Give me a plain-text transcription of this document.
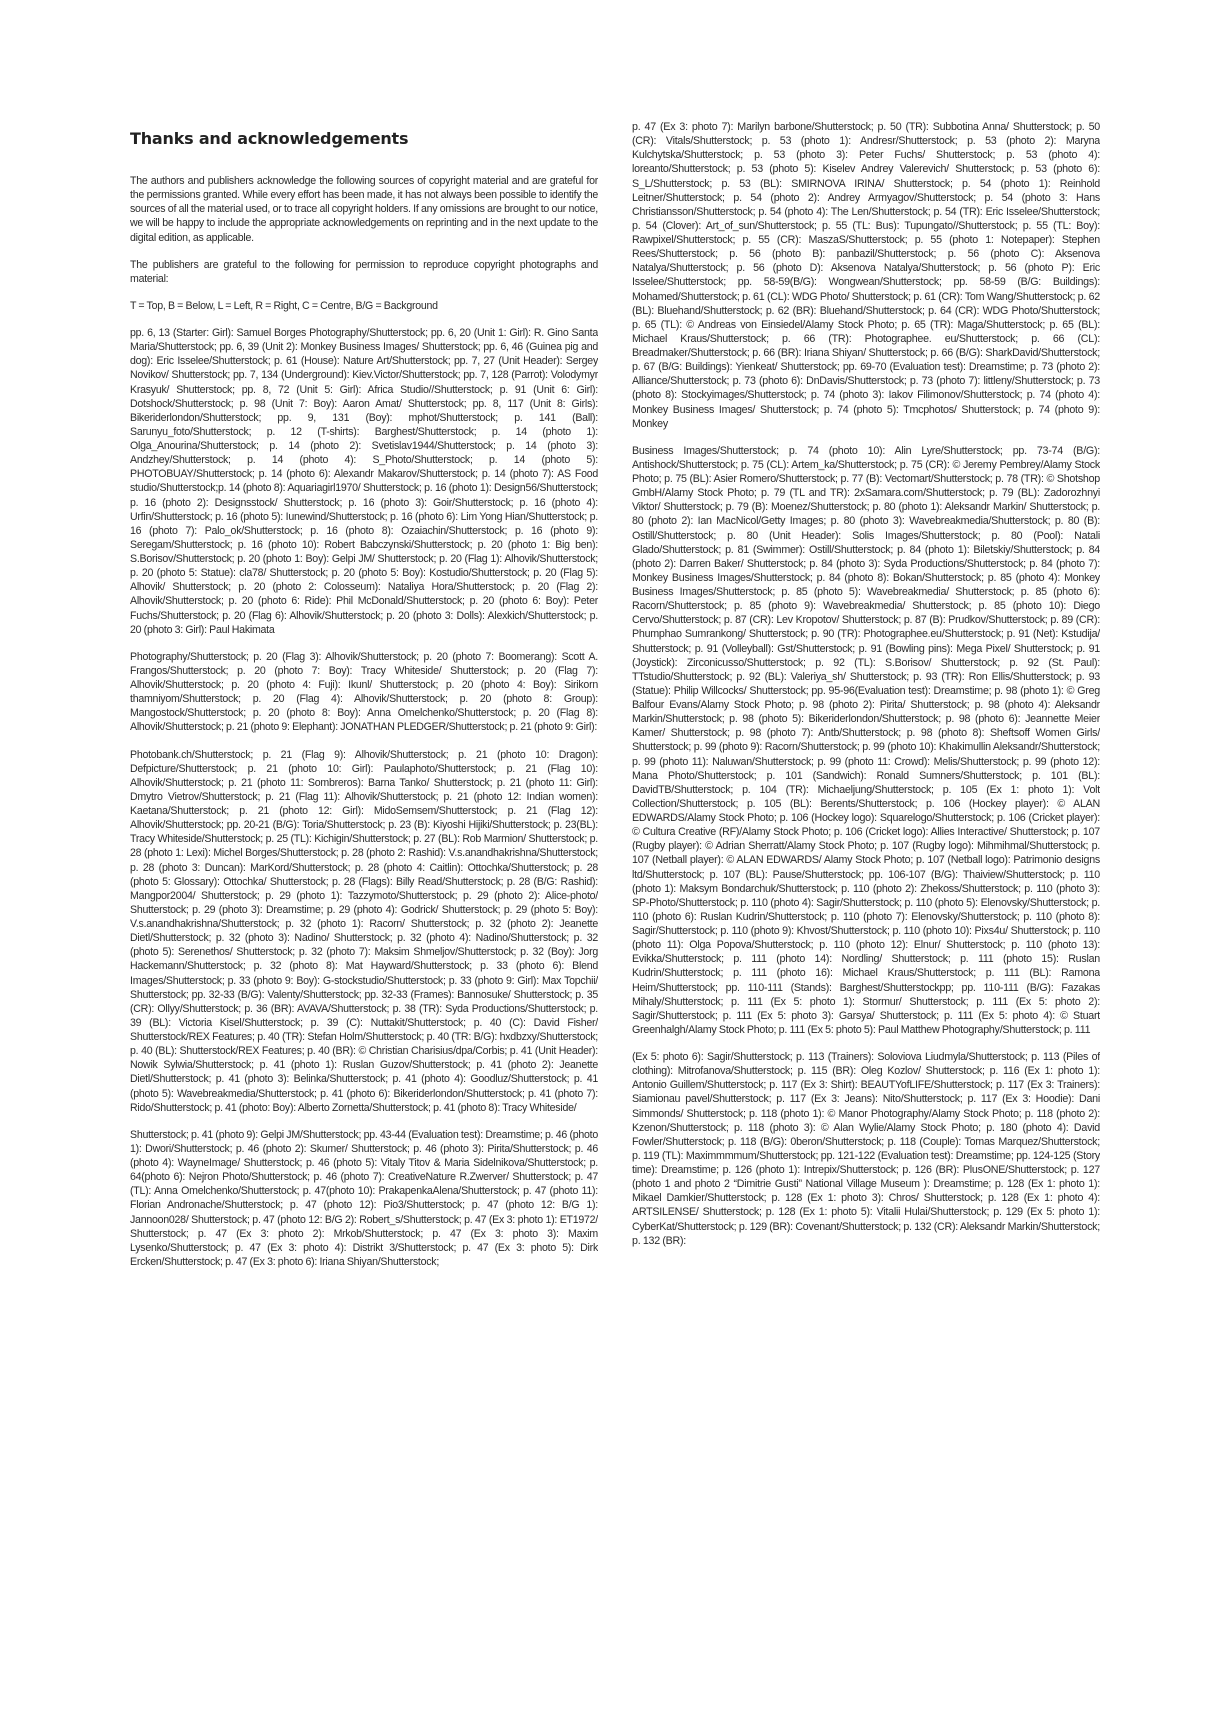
Thanks and acknowledgements

The authors and publishers acknowledge the following sources of copyright material and are grateful for the permissions granted. While every effort has been made, it has not always been possible to identify the sources of all the material used, or to trace all copyright holders. If any omissions are brought to our notice, we will be happy to include the appropriate acknowledgements on reprinting and in the next update to the digital edition, as applicable.

The publishers are grateful to the following for permission to reproduce copyright photographs and material:

T = Top, B = Below, L = Left, R = Right, C = Centre, B/G = Background

pp. 6, 13 (Starter: Girl): Samuel Borges Photography/Shutterstock; pp. 6, 20 (Unit 1: Girl): R. Gino Santa Maria/Shutterstock; pp. 6, 39 (Unit 2): Monkey Business Images/ Shutterstock; pp. 6, 46 (Guinea pig and dog): Eric Isselee/Shutterstock; p. 61 (House): Nature Art/Shutterstock; pp. 7, 27 (Unit Header): Sergey Novikov/ Shutterstock; pp. 7, 134 (Underground): Kiev.Victor/Shutterstock; pp. 7, 128 (Parrot): Volodymyr Krasyuk/ Shutterstock; pp. 8, 72 (Unit 5: Girl): Africa Studio//Shutterstock; p. 91 (Unit 6: Girl): Dotshock/Shutterstock; p. 98 (Unit 7: Boy): Aaron Amat/ Shutterstock; pp. 8, 117 (Unit 8: Girls): Bikeriderlondon/Shutterstock; pp. 9, 131 (Boy): mphot/Shutterstock; p. 141 (Ball): Sarunyu_foto/Shutterstock; p. 12 (T-shirts): Barghest/Shutterstock; p. 14 (photo 1): Olga_Anourina/Shutterstock; p. 14 (photo 2): Svetislav1944/Shutterstock; p. 14 (photo 3): Andzhey/Shutterstock; p. 14 (photo 4): S_Photo/Shutterstock; p. 14 (photo 5): PHOTOBUAY/Shutterstock; p. 14 (photo 6): Alexandr Makarov/Shutterstock; p. 14 (photo 7): AS Food studio/Shutterstock;p. 14 (photo 8): Aquariagirl1970/ Shutterstock; p. 16 (photo 1): Design56/Shutterstock; p. 16 (photo 2): Designsstock/ Shutterstock; p. 16 (photo 3): Goir/Shutterstock; p. 16 (photo 4): Urfin/Shutterstock; p. 16 (photo 5): Iunewind/Shutterstock; p. 16 (photo 6): Lim Yong Hian/Shutterstock; p. 16 (photo 7): Palo_ok/Shutterstock; p. 16 (photo 8): Ozaiachin/Shutterstock; p. 16 (photo 9): Seregam/Shutterstock; p. 16 (photo 10): Robert Babczynski/Shutterstock; p. 20 (photo 1: Big ben): S.Borisov/Shutterstock; p. 20 (photo 1: Boy): Gelpi JM/ Shutterstock; p. 20 (Flag 1): Alhovik/Shutterstock; p. 20 (photo 5: Statue): cla78/ Shutterstock; p. 20 (photo 5: Boy): Kostudio/Shutterstock; p. 20 (Flag 5): Alhovik/ Shutterstock; p. 20 (photo 2: Colosseum): Nataliya Hora/Shutterstock; p. 20 (Flag 2): Alhovik/Shutterstock; p. 20 (photo 6: Ride): Phil McDonald/Shutterstock; p. 20 (photo 6: Boy): Peter Fuchs/Shutterstock; p. 20 (Flag 6): Alhovik/Shutterstock; p. 20 (photo 3: Dolls): Alexkich/Shutterstock; p. 20 (photo 3: Girl): Paul Hakimata

Photography/Shutterstock; p. 20 (Flag 3): Alhovik/Shutterstock; p. 20 (photo 7: Boomerang): Scott A. Frangos/Shutterstock; p. 20 (photo 7: Boy): Tracy Whiteside/ Shutterstock; p. 20 (Flag 7): Alhovik/Shutterstock; p. 20 (photo 4: Fuji): Ikunl/ Shutterstock; p. 20 (photo 4: Boy): Sirikorn thamniyom/Shutterstock; p. 20 (Flag 4): Alhovik/Shutterstock; p. 20 (photo 8: Group): Mangostock/Shutterstock; p. 20 (photo 8: Boy): Anna Omelchenko/Shutterstock; p. 20 (Flag 8): Alhovik/Shutterstock; p. 21 (photo 9: Elephant): JONATHAN PLEDGER/Shutterstock; p. 21 (photo 9: Girl):

Photobank.ch/Shutterstock; p. 21 (Flag 9): Alhovik/Shutterstock; p. 21 (photo 10: Dragon): Defpicture/Shutterstock; p. 21 (photo 10: Girl): Paulaphoto/Shutterstock; p. 21 (Flag 10): Alhovik/Shutterstock; p. 21 (photo 11: Sombreros): Barna Tanko/ Shutterstock; p. 21 (photo 11: Girl): Dmytro Vietrov/Shutterstock; p. 21 (Flag 11): Alhovik/Shutterstock; p. 21 (photo 12: Indian women): Kaetana/Shutterstock; p. 21 (photo 12: Girl): MidoSemsem/Shutterstock; p. 21 (Flag 12): Alhovik/Shutterstock; pp. 20-21 (B/G): Toria/Shutterstock; p. 23 (B): Kiyoshi Hijiki/Shutterstock; p. 23(BL): Tracy Whiteside/Shutterstock; p. 25 (TL): Kichigin/Shutterstock; p. 27 (BL): Rob Marmion/ Shutterstock; p. 28 (photo 1: Lexi): Michel Borges/Shutterstock; p. 28 (photo 2: Rashid): V.s.anandhakrishna/Shutterstock; p. 28 (photo 3: Duncan): MarKord/Shutterstock; p. 28 (photo 4: Caitlin): Ottochka/Shutterstock; p. 28 (photo 5: Glossary): Ottochka/ Shutterstock; p. 28 (Flags): Billy Read/Shutterstock; p. 28 (B/G: Rashid): Mangpor2004/ Shutterstock; p. 29 (photo 1): Tazzymoto/Shutterstock; p. 29 (photo 2): Alice-photo/ Shutterstock; p. 29 (photo 3): Dreamstime; p. 29 (photo 4): Godrick/ Shutterstock; p. 29 (photo 5: Boy): V.s.anandhakrishna/Shutterstock; p. 32 (photo 1): Racorn/ Shutterstock; p. 32 (photo 2): Jeanette Dietl/Shutterstock; p. 32 (photo 3): Nadino/ Shutterstock; p. 32 (photo 4): Nadino/Shutterstock; p. 32 (photo 5): Serenethos/ Shutterstock; p. 32 (photo 7): Maksim Shmeljov/Shutterstock; p. 32 (Boy): Jorg Hackemann/Shutterstock; p. 32 (photo 8): Mat Hayward/Shutterstock; p. 33 (photo 6): Blend Images/Shutterstock; p. 33 (photo 9: Boy): G-stockstudio/Shutterstock; p. 33 (photo 9: Girl): Max Topchii/ Shutterstock; pp. 32-33 (B/G): Valenty/Shutterstock; pp. 32-33 (Frames): Bannosuke/ Shutterstock; p. 35 (CR): Ollyy/Shutterstock; p. 36 (BR): AVAVA/Shutterstock; p. 38 (TR): Syda Productions/Shutterstock; p. 39 (BL): Victoria Kisel/Shutterstock; p. 39 (C): Nuttakit/Shutterstock; p. 40 (C): David Fisher/ Shutterstock/REX Features; p. 40 (TR): Stefan Holm/Shutterstock; p. 40 (TR: B/G): hxdbzxy/Shutterstock; p. 40 (BL): Shutterstock/REX Features; p. 40 (BR): © Christian Charisius/dpa/Corbis; p. 41 (Unit Header): Nowik Sylwia/Shutterstock; p. 41 (photo 1): Ruslan Guzov/Shutterstock; p. 41 (photo 2): Jeanette Dietl/Shutterstock; p. 41 (photo 3): Belinka/Shutterstock; p. 41 (photo 4): Goodluz/Shutterstock; p. 41 (photo 5): Wavebreakmedia/Shutterstock; p. 41 (photo 6): Bikeriderlondon/Shutterstock; p. 41 (photo 7): Rido/Shutterstock; p. 41 (photo: Boy): Alberto Zornetta/Shutterstock; p. 41 (photo 8): Tracy Whiteside/

Shutterstock; p. 41 (photo 9): Gelpi JM/Shutterstock; pp. 43-44 (Evaluation test): Dreamstime; p. 46 (photo 1): Dwori/Shutterstock; p. 46 (photo 2): Skumer/ Shutterstock; p. 46 (photo 3): Pirita/Shutterstock; p. 46 (photo 4): WayneImage/ Shutterstock; p. 46 (photo 5): Vitaly Titov & Maria Sidelnikova/Shutterstock; p. 64(photo 6): Nejron Photo/Shutterstock; p. 46 (photo 7): CreativeNature R.Zwerver/ Shutterstock; p. 47 (TL): Anna Omelchenko/Shutterstock; p. 47(photo 10): PrakapenkaAlena/Shutterstock; p. 47 (photo 11): Florian Andronache/Shutterstock; p. 47 (photo 12): Pio3/Shutterstock; p. 47 (photo 12: B/G 1): Jannoon028/ Shutterstock; p. 47 (photo 12: B/G 2): Robert_s/Shutterstock; p. 47 (Ex 3: photo 1): ET1972/ Shutterstock; p. 47 (Ex 3: photo 2): Mrkob/Shutterstock; p. 47 (Ex 3: photo 3): Maxim Lysenko/Shutterstock; p. 47 (Ex 3: photo 4): Distrikt 3/Shutterstock; p. 47 (Ex 3: photo 5): Dirk Ercken/Shutterstock; p. 47 (Ex 3: photo 6): Iriana Shiyan/Shutterstock;

p. 47 (Ex 3: photo 7): Marilyn barbone/Shutterstock; p. 50 (TR): Subbotina Anna/ Shutterstock; p. 50 (CR): Vitals/Shutterstock; p. 53 (photo 1): Andresr/Shutterstock; p. 53 (photo 2): Maryna Kulchytska/Shutterstock; p. 53 (photo 3): Peter Fuchs/ Shutterstock; p. 53 (photo 4): loreanto/Shutterstock; p. 53 (photo 5): Kiselev Andrey Valerevich/ Shutterstock; p. 53 (photo 6): S_L/Shutterstock; p. 53 (BL): SMIRNOVA IRINA/ Shutterstock; p. 54 (photo 1): Reinhold Leitner/Shutterstock; p. 54 (photo 2): Andrey Armyagov/Shutterstock; p. 54 (photo 3: Hans Christiansson/Shutterstock; p. 54 (photo 4): The Len/Shutterstock; p. 54 (TR): Eric Isselee/Shutterstock; p. 54 (Clover): Art_of_sun/Shutterstock; p. 55 (TL: Bus): Tupungato//Shutterstock; p. 55 (TL: Boy): Rawpixel/Shutterstock; p. 55 (CR): MaszaS/Shutterstock; p. 55 (photo 1: Notepaper): Stephen Rees/Shutterstock; p. 56 (photo B): panbazil/Shutterstock; p. 56 (photo C): Aksenova Natalya/Shutterstock; p. 56 (photo D): Aksenova Natalya/Shutterstock; p. 56 (photo P): Eric Isselee/Shutterstock; pp. 58-59(B/G): Wongwean/Shutterstock; pp. 58-59 (B/G: Buildings): Mohamed/Shutterstock; p. 61 (CL): WDG Photo/ Shutterstock; p. 61 (CR): Tom Wang/Shutterstock; p. 62 (BL): Bluehand/Shutterstock; p. 62 (BR): Bluehand/Shutterstock; p. 64 (CR): WDG Photo/Shutterstock; p. 65 (TL): © Andreas von Einsiedel/Alamy Stock Photo; p. 65 (TR): Maga/Shutterstock; p. 65 (BL): Michael Kraus/Shutterstock; p. 66 (TR): Photographee. eu/Shutterstock; p. 66 (CL): Breadmaker/Shutterstock; p. 66 (BR): Iriana Shiyan/ Shutterstock; p. 66 (B/G): SharkDavid/Shutterstock; p. 67 (B/G: Buildings): Yienkeat/ Shutterstock; pp. 69-70 (Evaluation test): Dreamstime; p. 73 (photo 2): Alliance/Shutterstock; p. 73 (photo 6): DnDavis/Shutterstock; p. 73 (photo 7): littleny/Shutterstock; p. 73 (photo 8): Stockyimages/Shutterstock; p. 74 (photo 3): Iakov Filimonov/Shutterstock; p. 74 (photo 4): Monkey Business Images/ Shutterstock; p. 74 (photo 5): Tmcphotos/ Shutterstock; p. 74 (photo 9): Monkey

Business Images/Shutterstock; p. 74 (photo 10): Alin Lyre/Shutterstock; pp. 73-74 (B/G): Antishock/Shutterstock; p. 75 (CL): Artem_ka/Shutterstock; p. 75 (CR): © Jeremy Pembrey/Alamy Stock Photo; p. 75 (BL): Asier Romero/Shutterstock; p. 77 (B): Vectomart/Shutterstock; p. 78 (TR): © Shotshop GmbH/Alamy Stock Photo; p. 79 (TL and TR): 2xSamara.com/Shutterstock; p. 79 (BL): Zadorozhnyi Viktor/ Shutterstock; p. 79 (B): Moenez/Shutterstock; p. 80 (photo 1): Aleksandr Markin/ Shutterstock; p. 80 (photo 2): Ian MacNicol/Getty Images; p. 80 (photo 3): Wavebreakmedia/Shutterstock; p. 80 (B): Ostill/Shutterstock; p. 80 (Unit Header): Solis Images/Shutterstock; p. 80 (Pool): Natali Glado/Shutterstock; p. 81 (Swimmer): Ostill/Shutterstock; p. 84 (photo 1): Biletskiy/Shutterstock; p. 84 (photo 2): Darren Baker/ Shutterstock; p. 84 (photo 3): Syda Productions/Shutterstock; p. 84 (photo 7): Monkey Business Images/Shutterstock; p. 84 (photo 8): Bokan/Shutterstock; p. 85 (photo 4): Monkey Business Images/Shutterstock; p. 85 (photo 5): Wavebreakmedia/ Shutterstock; p. 85 (photo 6): Racorn/Shutterstock; p. 85 (photo 9): Wavebreakmedia/ Shutterstock; p. 85 (photo 10): Diego Cervo/Shutterstock; p. 87 (CR): Lev Kropotov/ Shutterstock; p. 87 (B): Prudkov/Shutterstock; p. 89 (CR): Phumphao Sumrankong/ Shutterstock; p. 90 (TR): Photographee.eu/Shutterstock; p. 91 (Net): Kstudija/ Shutterstock; p. 91 (Volleyball): Gst/Shutterstock; p. 91 (Bowling pins): Mega Pixel/ Shutterstock; p. 91 (Joystick): Zirconicusso/Shutterstock; p. 92 (TL): S.Borisov/ Shutterstock; p. 92 (St. Paul): TTstudio/Shutterstock; p. 92 (BL): Valeriya_sh/ Shutterstock; p. 93 (TR): Ron Ellis/Shutterstock; p. 93 (Statue): Philip Willcocks/ Shutterstock; pp. 95-96(Evaluation test): Dreamstime; p. 98 (photo 1): © Greg Balfour Evans/Alamy Stock Photo; p. 98 (photo 2): Pirita/ Shutterstock; p. 98 (photo 4): Aleksandr Markin/Shutterstock; p. 98 (photo 5): Bikeriderlondon/Shutterstock; p. 98 (photo 6): Jeannette Meier Kamer/ Shutterstock; p. 98 (photo 7): Antb/Shutterstock; p. 98 (photo 8): Sheftsoff Women Girls/ Shutterstock; p. 99 (photo 9): Racorn/Shutterstock; p. 99 (photo 10): Khakimullin Aleksandr/Shutterstock; p. 99 (photo 11): Naluwan/Shutterstock; p. 99 (photo 11: Crowd): Melis/Shutterstock; p. 99 (photo 12): Mana Photo/Shutterstock; p. 101 (Sandwich): Ronald Sumners/Shutterstock; p. 101 (BL): DavidTB/Shutterstock; p. 104 (TR): Michaeljung/Shutterstock; p. 105 (Ex 1: photo 1): Volt Collection/Shutterstock; p. 105 (BL): Berents/Shutterstock; p. 106 (Hockey player): © ALAN EDWARDS/Alamy Stock Photo; p. 106 (Hockey logo): Squarelogo/Shutterstock; p. 106 (Cricket player): © Cultura Creative (RF)/Alamy Stock Photo; p. 106 (Cricket logo): Allies Interactive/ Shutterstock; p. 107 (Rugby player): © Adrian Sherratt/Alamy Stock Photo; p. 107 (Rugby logo): Mihmihmal/Shutterstock; p. 107 (Netball player): © ALAN EDWARDS/ Alamy Stock Photo; p. 107 (Netball logo): Patrimonio designs ltd/Shutterstock; p. 107 (BL): Pause/Shutterstock; pp. 106-107 (B/G): Thaiview/Shutterstock; p. 110 (photo 1): Maksym Bondarchuk/Shutterstock; p. 110 (photo 2): Zhekoss/Shutterstock; p. 110 (photo 3): SP-Photo/Shutterstock; p. 110 (photo 4): Sagir/Shutterstock; p. 110 (photo 5): Elenovsky/Shutterstock; p. 110 (photo 6): Ruslan Kudrin/Shutterstock; p. 110 (photo 7): Elenovsky/Shutterstock; p. 110 (photo 8): Sagir/Shutterstock; p. 110 (photo 9): Khvost/Shutterstock; p. 110 (photo 10): Pixs4u/ Shutterstock; p. 110 (photo 11): Olga Popova/Shutterstock; p. 110 (photo 12): Elnur/ Shutterstock; p. 110 (photo 13): Evikka/Shutterstock; p. 111 (photo 14): Nordling/ Shutterstock; p. 111 (photo 15): Ruslan Kudrin/Shutterstock; p. 111 (photo 16): Michael Kraus/Shutterstock; p. 111 (BL): Ramona Heim/Shutterstock; pp. 110-111 (Stands): Barghest/Shutterstockpp; pp. 110-111 (B/G): Fazakas Mihaly/Shutterstock; p. 111 (Ex 5: photo 1): Stormur/ Shutterstock; p. 111 (Ex 5: photo 2): Sagir/Shutterstock; p. 111 (Ex 5: photo 3): Garsya/ Shutterstock; p. 111 (Ex 5: photo 4): © Stuart Greenhalgh/Alamy Stock Photo; p. 111 (Ex 5: photo 5): Paul Matthew Photography/Shutterstock; p. 111

(Ex 5: photo 6): Sagir/Shutterstock; p. 113 (Trainers): Soloviova Liudmyla/Shutterstock; p. 113 (Piles of clothing): Mitrofanova/Shutterstock; p. 115 (BR): Oleg Kozlov/ Shutterstock; p. 116 (Ex 1: photo 1): Antonio Guillem/Shutterstock; p. 117 (Ex 3: Shirt): BEAUTYofLIFE/Shutterstock; p. 117 (Ex 3: Trainers): Siamionau pavel/Shutterstock; p. 117 (Ex 3: Jeans): Nito/Shutterstock; p. 117 (Ex 3: Hoodie): Dani Simmonds/ Shutterstock; p. 118 (photo 1): © Manor Photography/Alamy Stock Photo; p. 118 (photo 2): Kzenon/Shutterstock; p. 118 (photo 3): © Alan Wylie/Alamy Stock Photo; p. 180 (photo 4): David Fowler/Shutterstock; p. 118 (B/G): 0beron/Shutterstock; p. 118 (Couple): Tomas Marquez/Shutterstock; p. 119 (TL): Maximmmmum/Shutterstock; pp. 121-122 (Evaluation test): Dreamstime; pp. 124-125 (Story time): Dreamstime; p. 126 (photo 1): Intrepix/Shutterstock; p. 126 (BR): PlusONE/Shutterstock; p. 127 (photo 1 and photo 2 “Dimitrie Gusti” National Village Museum ): Dreamstime; p. 128 (Ex 1: photo 1): Mikael Damkier/Shutterstock; p. 128 (Ex 1: photo 3): Chros/ Shutterstock; p. 128 (Ex 1: photo 4): ARTSILENSE/ Shutterstock; p. 128 (Ex 1: photo 5): Vitalii Hulai/Shutterstock; p. 129 (Ex 5: photo 1): CyberKat/Shutterstock; p. 129 (BR): Covenant/Shutterstock; p. 132 (CR): Aleksandr Markin/Shutterstock; p. 132 (BR):
